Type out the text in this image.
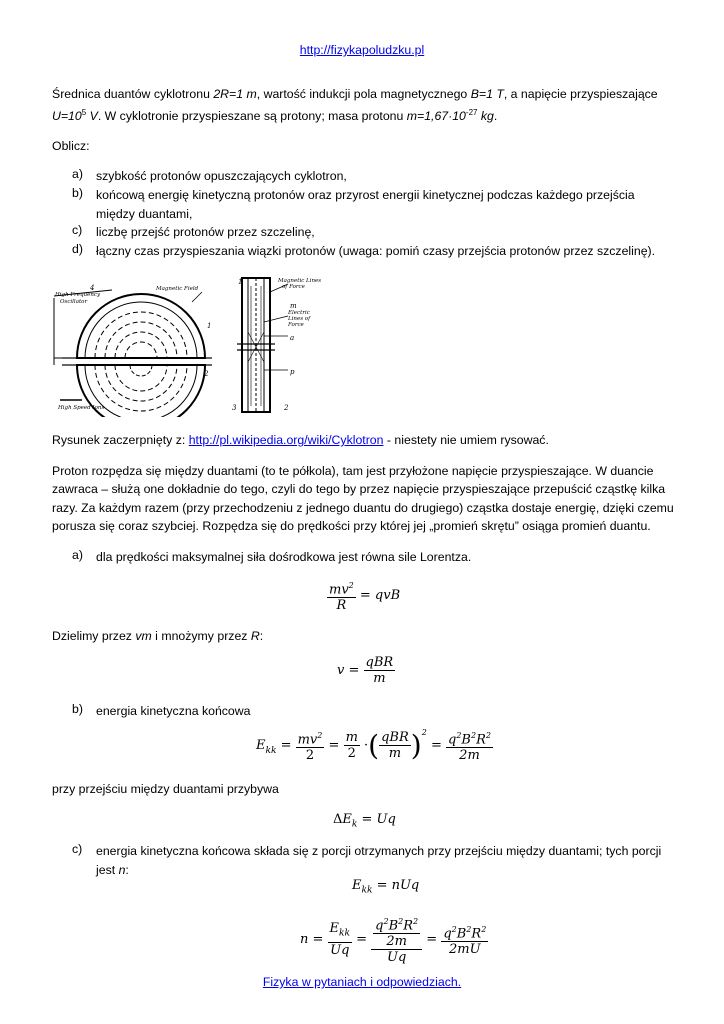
http://fizykapoludzku.pl

Średnica duantów cyklotronu 2R=1 m, wartość indukcji pola magnetycznego B=1 T, a napięcie przyspieszające
$U=10^5$ V. W cyklotronie przyspieszane są protony; masa protonu $m=1,67\cdot 10^{-27}$ kg.

Oblicz:

a) szybkość protonów opuszczających cyklotron,
b) końcową energię kinetyczną protonów oraz przyrost energii kinetycznej podczas każdego przejścia między duantami,
c) liczbę przejść protonów przez szczelinę,
d) łączny czas przyspieszania wiązki protonów (uwaga: pomiń czasy przejścia protonów przez szczelinę).
High Frequency
Oscillator
Magnetic Field
Magnetic Lines
of Force
Electric
Lines of
Force
High Speed Ions
4
1
2
1
3	2
m
a
p

Rysunek zaczerpnięty z: http://pl.wikipedia.org/wiki/Cyklotron - niestety nie umiem rysować.

Proton rozpędza się między duantami (to te półkola), tam jest przyłożone napięcie przyspieszające. W duancie zawraca – służą one dokładnie do tego, czyli do tego by przez napięcie przyspieszające przepuścić cząstkę kilka razy. Za każdym razem (przy przechodzeniu z jednego duantu do drugiego) cząstka dostaje energię, dzięki czemu porusza się coraz szybciej. Rozpędza się do prędkości przy której jej „promień skrętu” osiąga promień duantu.

a) dla prędkości maksymalnej siła dośrodkowa jest równa sile Lorentza.
$\frac{mv^2}{R}$ = qvB

Dzielimy przez vm i mnożymy przez R:

$v = \frac{\text{qBR}}{m}$
b) energia kinetyczna końcowa
$E_{kk} = \frac{mv^2}{2} = \frac{m}{2}$ ·( $\frac{\text{qBR}}{m} )^2 = \frac{q^2B^2R^2}{2m}$

przy przejściu między duantami przybywa

$\Delta E_k = Uq$
c) energia kinetyczna końcowa składa się z porcji otrzymanych przy przejściu między duantami; tych porcji jest n:
$E_{kk}$ = nUq
$n = \frac{E_{kk}}{Uq} = \frac{\frac{q^2B^2R^2}{2m}}{Uq} = \frac{q^2B^2R^2}{2mU}$
Fizyka w pytaniach i odpowiedziach.
